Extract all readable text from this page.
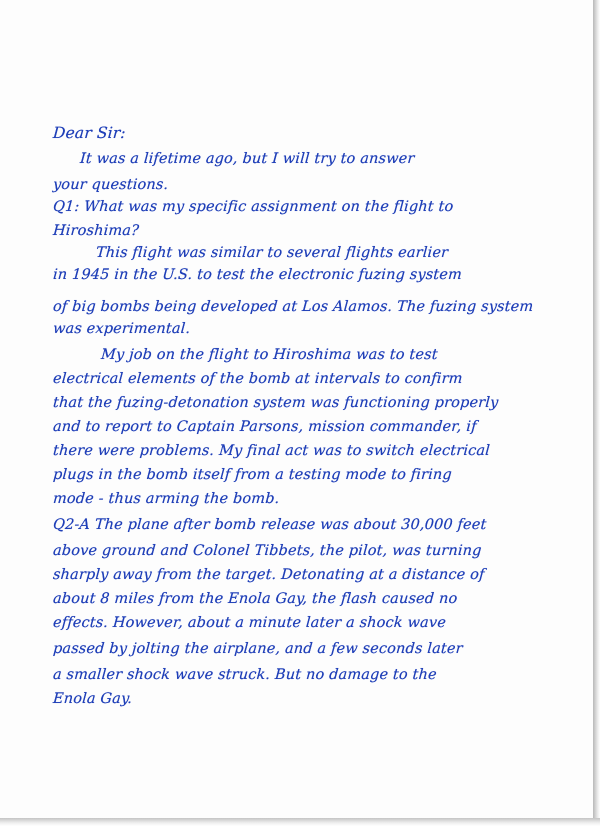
Dear Sir:
It was a lifetime ago, but I will try to answer
your questions.
Q1: What was my specific assignment on the flight to
Hiroshima?
This flight was similar to several flights earlier
in 1945 in the U.S. to test the electronic fuzing system
of big bombs being developed at Los Alamos. The fuzing system
was experimental.
My job on the flight to Hiroshima was to test
electrical elements of the bomb at intervals to confirm
that the fuzing-detonation system was functioning properly
and to report to Captain Parsons, mission commander, if
there were problems. My final act was to switch electrical
plugs in the bomb itself from a testing mode to firing
mode - thus arming the bomb.
Q2-A The plane after bomb release was about 30,000 feet
above ground and Colonel Tibbets, the pilot, was turning
sharply away from the target. Detonating at a distance of
about 8 miles from the Enola Gay, the flash caused no
effects. However, about a minute later a shock wave
passed by jolting the airplane, and a few seconds later
a smaller shock wave struck. But no damage to the
Enola Gay.
